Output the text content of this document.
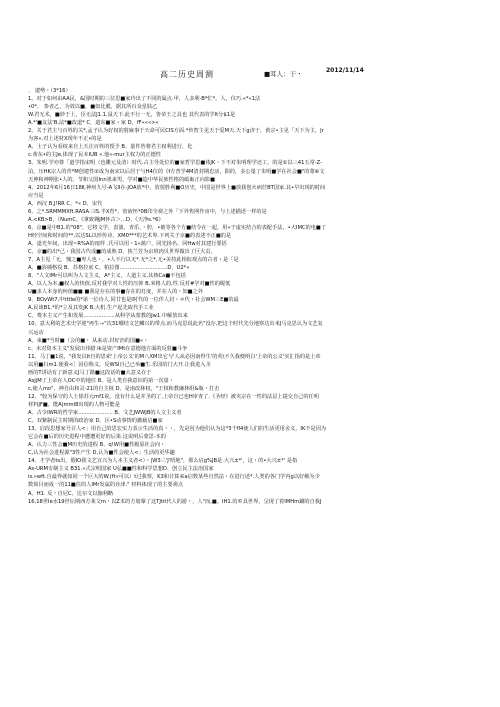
高二历史周测	■耳人：干・	2012/11/14
、 逮勢・（3*16）
1、对于如何由AA民，&国时期的三位思■家玲出了不同的属点.甲，人多利·B*忙*。人，仪巧.«*«1法
•0*， 参者乙，为效以■，■如比膜，据其所百众星肤乙
W.君无术，■妙于上，臣无法J1.1.鼠天下.此不行一无，皆帝王之具也 其代表的学It分$1是
A.*'■友法'B.法*■改道* C，道东■家・家 D、fF«««>«
2、关于君主与百姓的关*,孟子认为好权的射麻事于天命可民CIS方面.*传智主见天于爱M天.天下g济于，黄宗•主见「天下为主，Jr
为客«.对上述材X现年不正•的是
A、士子认为看权来自上天注百姓的授予 B、量件皆将君主权利进行，化
c.黄东•的主Je,体现了民本IUB «.他«-mur主权力的正德性
3、朱明.学亦尊「道学指宋明（也雕元及清）时代.占主导处位的■家哲学思■体JK・下不对朱明理学还工，的是①以三41五常-Z-
泊，压HK宗人的青*M创建性②成为南宋以后居于与H4位的《f方普学4M清封期忠活，阳的，多公量了朱明■学在社会■"的尊④文
天神和神期张•人的，节和父国Inn墨来男，学对■造中华民族性格的砥砺正向影■
4、2012年6月16日18Ⅱ,神州九号-A飞II在-JOA放*中。放射胜利■O历史，中国是世界上■放我创火病苣BT国家.其•早出现的时间
应当是
A、西汉 B,J!RR C、*« D、宋代
6、之*.SRMMMXft.RASA三lS.半X育*，密液怀*0B印全观之外「下外售网作宙中，与上述描述一样的是
A.<KB>B，（NumC、《拿致翱JM怀古＞…D、《天净s.*6》
6、京■是中B1.的"08"，它将文学，表演、青乐、・腔，•被等各个方■结令在一起，用«于虚实结合的表配手法，•大IMC的电■了
H经空间和时间的**,以达SL以形传诗，XM0***的艺术界.下列关于京■的表述不正■的是
A、道光年间，出现~R%A的雨样 .氏可以用・1«蒲户、同光扬名、回Hw对其建行要括
C、京■的出*己・我国古代成■的成熟 D、狭兰芳为京班肉贝世界做出了巨大贡，
7、A主见「无，愧之■卑人也・，•人不行以无*.无*之*,无•美持此相似观点的古者・是「是
A、■浴墙格役 B、苏格拉底 C、柏拉图.............................D、U2*«
8、"人文IMr可以叫为人文主义，A*主义，人道主义.其核Ca■不包括
A、以人为本,■权人的快值,反对我学对人性的压抑 B,米格人的,性.反对#学对■性的昵低
U■求人本身的何值■■ ■我是存在的事■存在的灯度，并在人的・知■之外
9、BOvWt7,中tttle的*第一位诗人.同廿也是I时代的一位伴人封・＊代・社会WM三E■的最
A,民谈B1.*的*立及其发JK B,大机.生产起先取代手工业
C、费本主义产生和发展...................从科学从蒙教的Jw1.中解放出来
10、意大利的艺术史学迎"再生-»"次31哪结文艺麟兴的带点.而马克思说此名"没存,把这个时代先分地察达出米J马克思认为文艺复
兴运动
A、束■*当时■（会的■・ 从来动.封好治的国■«・
c、未对资本主义"发展出伟腊 Ik是资产IMt在意德他方面的反射■斗争
11、马丁■1说，"我发以It自的思索'上帝公义'的M八XM出它与'人从必因南得生'的英\不久我便明白'上帝的公义'实汇指的是上帝
以用■扫m1.使我<］因信称义，反WSI自己已举■生.乐园的门大开.让我进入圣
画的T讲话有了新意义J马丁路■这段话的■大意义在于
AsJjM了上帝在人OC中的地位 B、是人类自我意识的第一次量・
c,使人mo"，神自由和灵-21的自主权 D、是南改林权，"王权和教廉林组&瓶・打击
12、"较为保守的人士徐苏元mf1说，没有什么是并圣的了,上帝自已也H审查了.《圣经》被夹宗在一性的法层上提交自己的任明
材料JF■。能A|mmI8出現的人物可能是
A、古令IWR的哲学家..................... B、文艺JWWJB的人文主义者
C、双紫制民主时期的政治家 D、区•S动事情的撤截启■家
13、启段思想家号召人<」用自己的思宏实力表示生活的真・・，先是因为他们认为这*3千fl4使人们的生活更用舍义，IK不是因为
它会在■后的历史进程中遭遭更好的后果.这说明后蒙思·本的
A、认力三性会■M历史的进程 B、q!W用■性履原社会向・
C,认为社会进程源"3性产生 D,认为■性会使人<」生活的更华趣
14、才学者ts出，假IO我文艺宣兴为人本主义者<）・|W3三'J'唔地"，那么启g%JB是.大兴±*'，这・的•大兴±*' 是指
As-URM专制主义 B31.«式宗明国家 U弘■■性和科学思想D、创立民主法治国家
is.»wft.自最界就如同一个巨大的W.(ft«可以）t过我察，K3和计算来a启数某些自然法・在进行述*.人类的各门学内g以好解为少
数简目而成一的11■住的人IMr发属的诠津." 材料体现了的主要观点
A、H1. 反・自尼C、达尔文以伽利略
16,18世Ie水19世坛期西方莱文m・以Z术的方划摹了这TJtit代人的游・，人"而,■。IH1.的©具世界，呈现了着IMHm鋤的自我J
